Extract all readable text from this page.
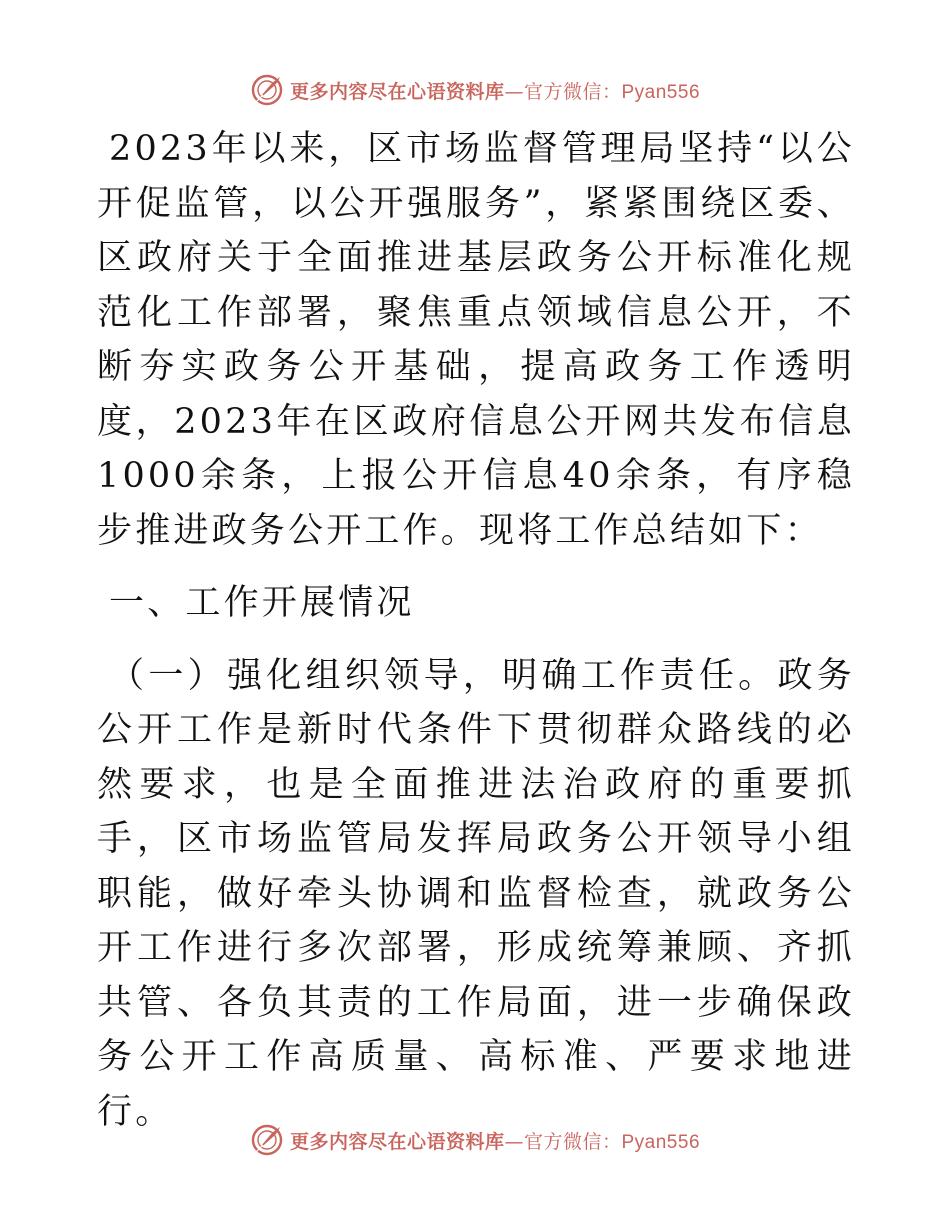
更多内容尽在心语资料库—官方微信：Pyan556

2023年以来，区市场监督管理局坚持“以公开促监管，以公开强服务”，紧紧围绕区委、区政府关于全面推进基层政务公开标准化规范化工作部署，聚焦重点领域信息公开，不断夯实政务公开基础，提高政务工作透明度，2023年在区政府信息公开网共发布信息1000余条，上报公开信息40余条，有序稳步推进政务公开工作。现将工作总结如下：

一、工作开展情况

（一）强化组织领导，明确工作责任。政务公开工作是新时代条件下贯彻群众路线的必然要求，也是全面推进法治政府的重要抓手，区市场监管局发挥局政务公开领导小组职能，做好牵头协调和监督检查，就政务公开工作进行多次部署，形成统筹兼顾、齐抓共管、各负其责的工作局面，进一步确保政务公开工作高质量、高标准、严要求地进行。

更多内容尽在心语资料库—官方微信：Pyan556
